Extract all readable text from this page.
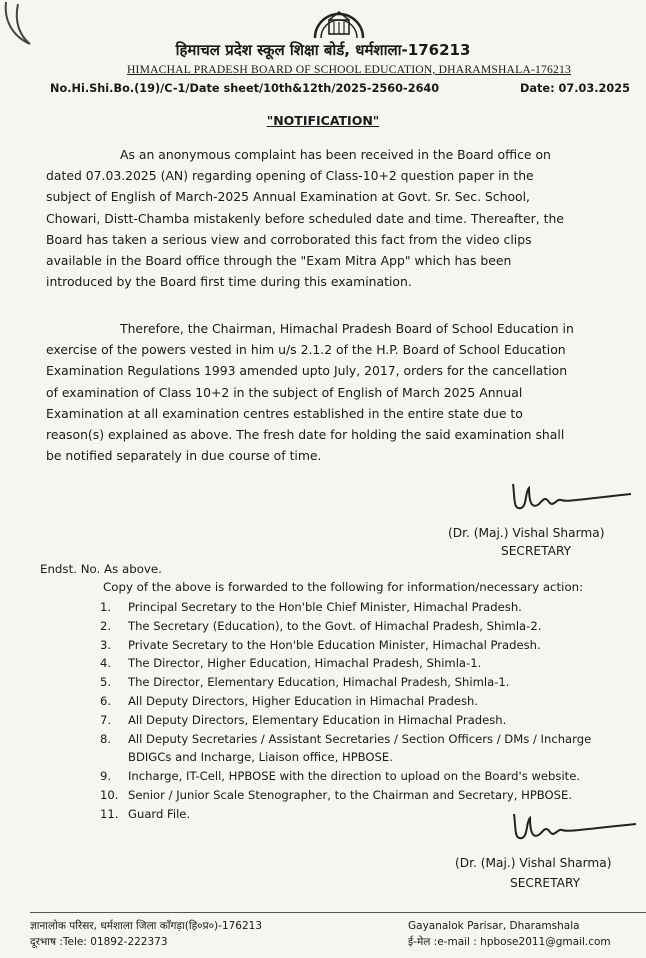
हिमाचल प्रदेश स्कूल शिक्षा बोर्ड, धर्मशाला-176213
HIMACHAL PRADESH BOARD OF SCHOOL EDUCATION, DHARAMSHALA-176213
No.Hi.Shi.Bo.(19)/C-1/Date sheet/10th&12th/2025-2560-2640	Date: 07.03.2025
"NOTIFICATION"
As an anonymous complaint has been received in the Board office on
dated 07.03.2025 (AN) regarding opening of Class-10+2 question paper in the
subject of English of March-2025 Annual Examination at Govt. Sr. Sec. School,
Chowari, Distt-Chamba mistakenly before scheduled date and time. Thereafter, the
Board has taken a serious view and corroborated this fact from the video clips
available in the Board office through the "Exam Mitra App" which has been
introduced by the Board first time during this examination.
Therefore, the Chairman, Himachal Pradesh Board of School Education in
exercise of the powers vested in him u/s 2.1.2 of the H.P. Board of School Education
Examination Regulations 1993 amended upto July, 2017, orders for the cancellation
of examination of Class 10+2 in the subject of English of March 2025 Annual
Examination at all examination centres established in the entire state due to
reason(s) explained as above. The fresh date for holding the said examination shall
be notified separately in due course of time.
(Dr. (Maj.) Vishal Sharma)
SECRETARY
Endst. No. As above.
Copy of the above is forwarded to the following for information/necessary action:
1.	Principal Secretary to the Hon'ble Chief Minister, Himachal Pradesh.
2.	The Secretary (Education), to the Govt. of Himachal Pradesh, Shimla-2.
3.	Private Secretary to the Hon'ble Education Minister, Himachal Pradesh.
4.	The Director, Higher Education, Himachal Pradesh, Shimla-1.
5.	The Director, Elementary Education, Himachal Pradesh, Shimla-1.
6.	All Deputy Directors, Higher Education in Himachal Pradesh.
7.	All Deputy Directors, Elementary Education in Himachal Pradesh.
8.	All Deputy Secretaries / Assistant Secretaries / Section Officers / DMs / Incharge
BDIGCs and Incharge, Liaison office, HPBOSE.
9.	Incharge, IT-Cell, HPBOSE with the direction to upload on the Board's website.
10. Senior / Junior Scale Stenographer, to the Chairman and Secretary, HPBOSE.
11. Guard File.
(Dr. (Maj.) Vishal Sharma)
SECRETARY
ज्ञानालोक परिसर, धर्मशाला जिला काँगड़ा(हि०प्र०)-176213
दूरभाष :Tele: 01892-222373
Gayanalok Parisar, Dharamshala
ई-मेल :e-mail : hpbose2011@gmail.com
